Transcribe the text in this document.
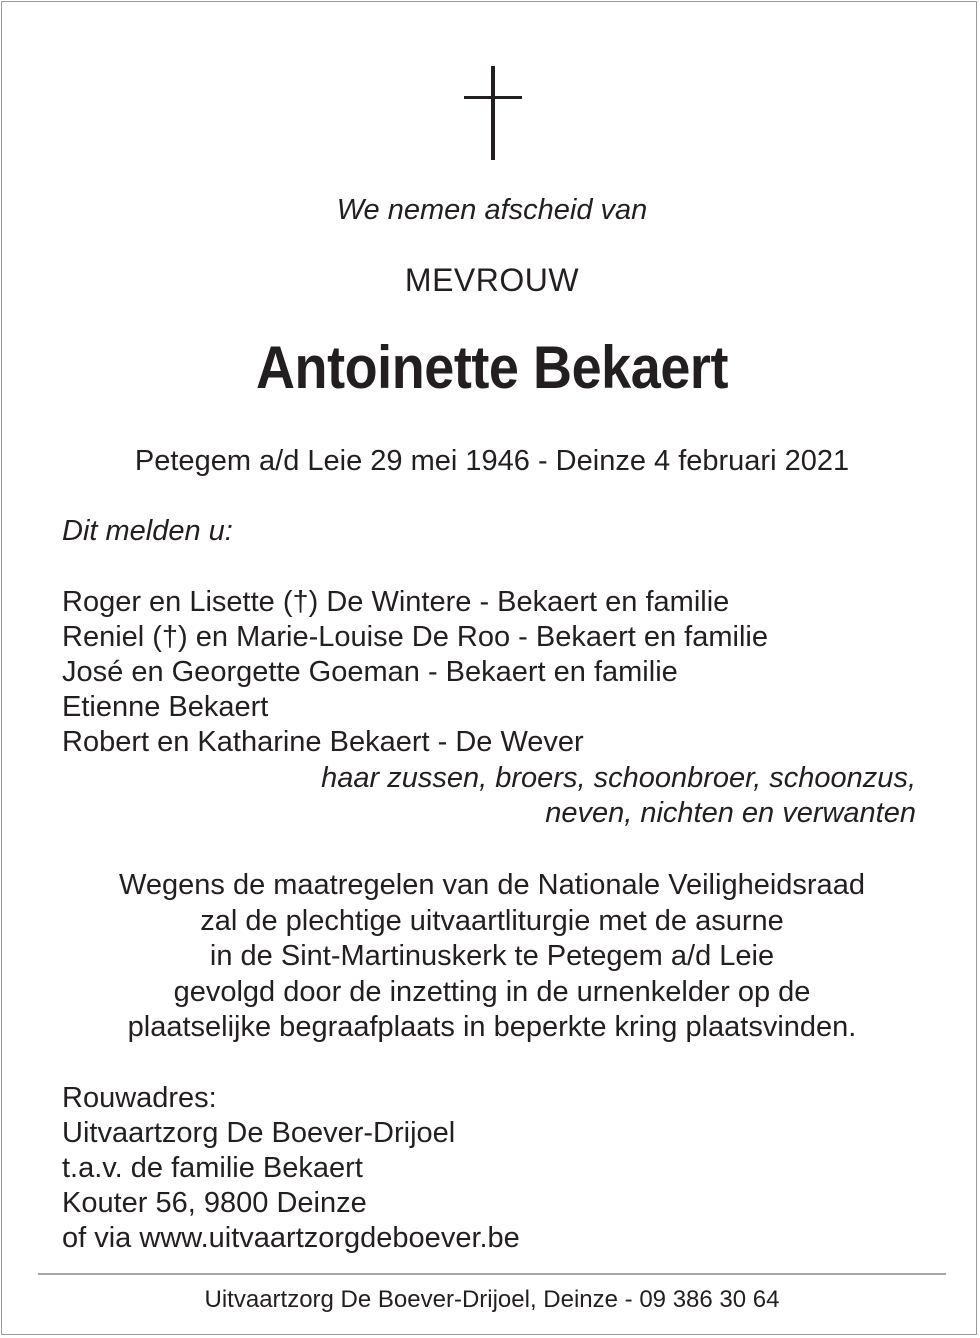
We nemen afscheid van
MEVROUW
Antoinette Bekaert
Petegem a/d Leie 29 mei 1946 - Deinze 4 februari 2021
Dit melden u:
Roger en Lisette (†) De Wintere - Bekaert en familie
Reniel (†) en Marie-Louise De Roo - Bekaert en familie
José en Georgette Goeman - Bekaert en familie
Etienne Bekaert
Robert en Katharine Bekaert - De Wever
haar zussen, broers, schoonbroer, schoonzus,
neven, nichten en verwanten
Wegens de maatregelen van de Nationale Veiligheidsraad
zal de plechtige uitvaartliturgie met de asurne
in de Sint-Martinuskerk te Petegem a/d Leie
gevolgd door de inzetting in de urnenkelder op de
plaatselijke begraafplaats in beperkte kring plaatsvinden.
Rouwadres:
Uitvaartzorg De Boever-Drijoel
t.a.v. de familie Bekaert
Kouter 56, 9800 Deinze
of via www.uitvaartzorgdeboever.be
Uitvaartzorg De Boever-Drijoel, Deinze - 09 386 30 64
